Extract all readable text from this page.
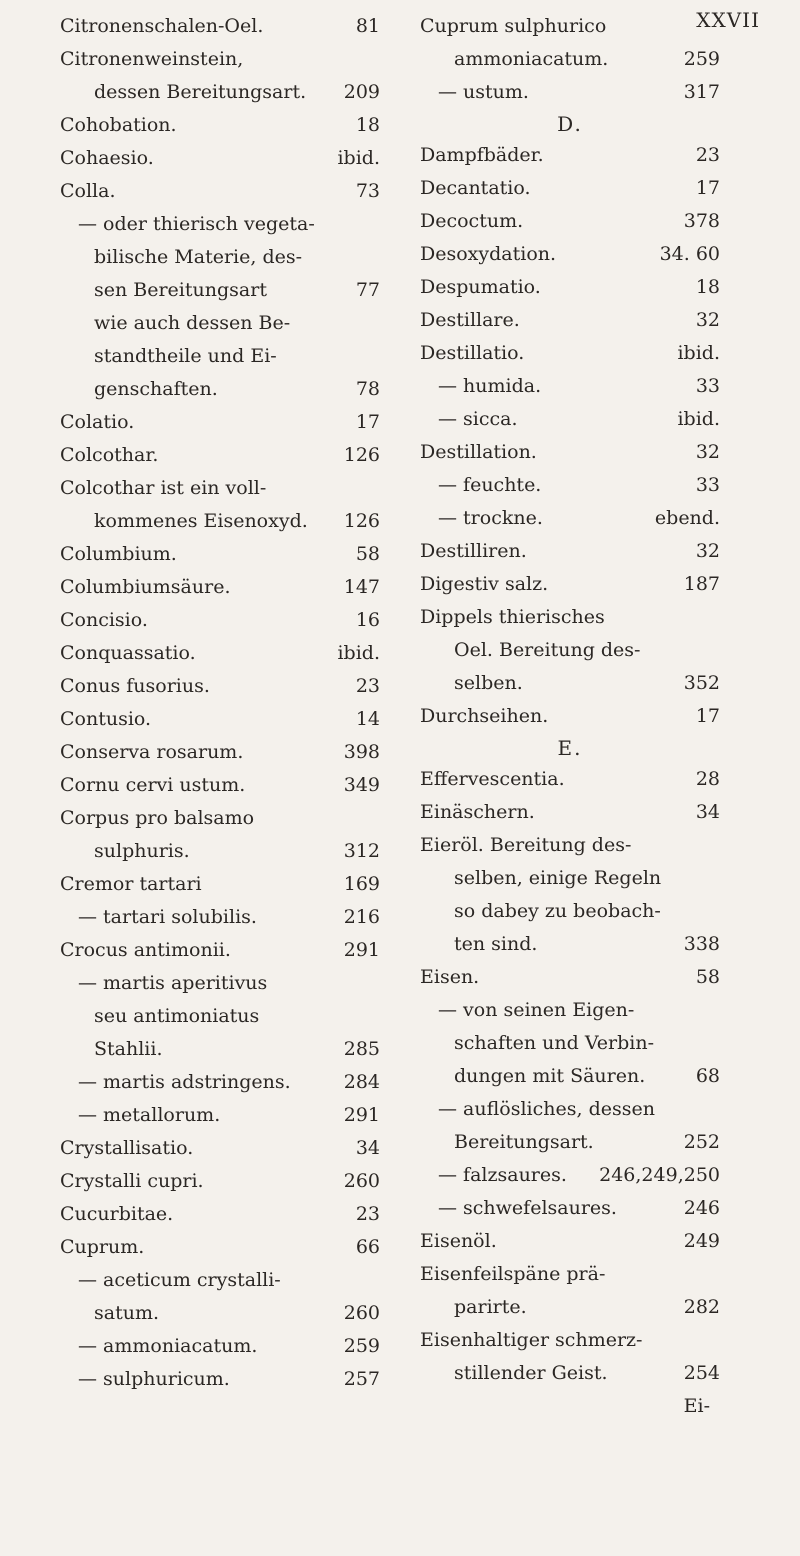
XXVII
Citronenschalen-Oel.	81
Citronenweinstein,
dessen Bereitungsart.	209
Cohobation.	18
Cohaesio.	ibid.
Colla.	73
— oder thierisch vegeta-
bilische Materie, des-
sen Bereitungsart	77
wie auch dessen Be-
standtheile und Ei-
genschaften.	78
Colatio.	17
Colcothar.	126
Colcothar ist ein voll-
kommenes Eisenoxyd.	126
Columbium.	58
Columbiumsäure.	147
Concisio.	16
Conquassatio.	ibid.
Conus fusorius.	23
Contusio.	14
Conserva rosarum.	398
Cornu cervi ustum.	349
Corpus pro balsamo
sulphuris.	312
Cremor tartari	169
— tartari solubilis.	216
Crocus antimonii.	291
— martis aperitivus
seu antimoniatus
Stahlii.	285
— martis adstringens.	284
— metallorum.	291
Crystallisatio.	34
Crystalli cupri.	260
Cucurbitae.	23
Cuprum.	66
— aceticum crystalli-
satum.	260
— ammoniacatum.	259
— sulphuricum.	257
Cuprum sulphurico
ammoniacatum.	259
— ustum.	317
D.
Dampfbäder.	23
Decantatio.	17
Decoctum.	378
Desoxydation.	34. 60
Despumatio.	18
Destillare.	32
Destillatio.	ibid.
— humida.	33
— sicca.	ibid.
Destillation.	32
— feuchte.	33
— trockne.	ebend.
Destilliren.	32
Digestiv salz.	187
Dippels thierisches
Oel. Bereitung des-
selben.	352
Durchseihen.	17
E.
Effervescentia.	28
Einäschern.	34
Eieröl. Bereitung des-
selben, einige Regeln
so dabey zu beobach-
ten sind.	338
Eisen.	58
— von seinen Eigen-
schaften und Verbin-
dungen mit Säuren.	68
— auflösliches, dessen
Bereitungsart.	252
— falzsaures.	246,249,250
— schwefelsaures.	246
Eisenöl.	249
Eisenfeilspäne prä-
parirte.	282
Eisenhaltiger schmerz-
stillender Geist.	254
Ei-
